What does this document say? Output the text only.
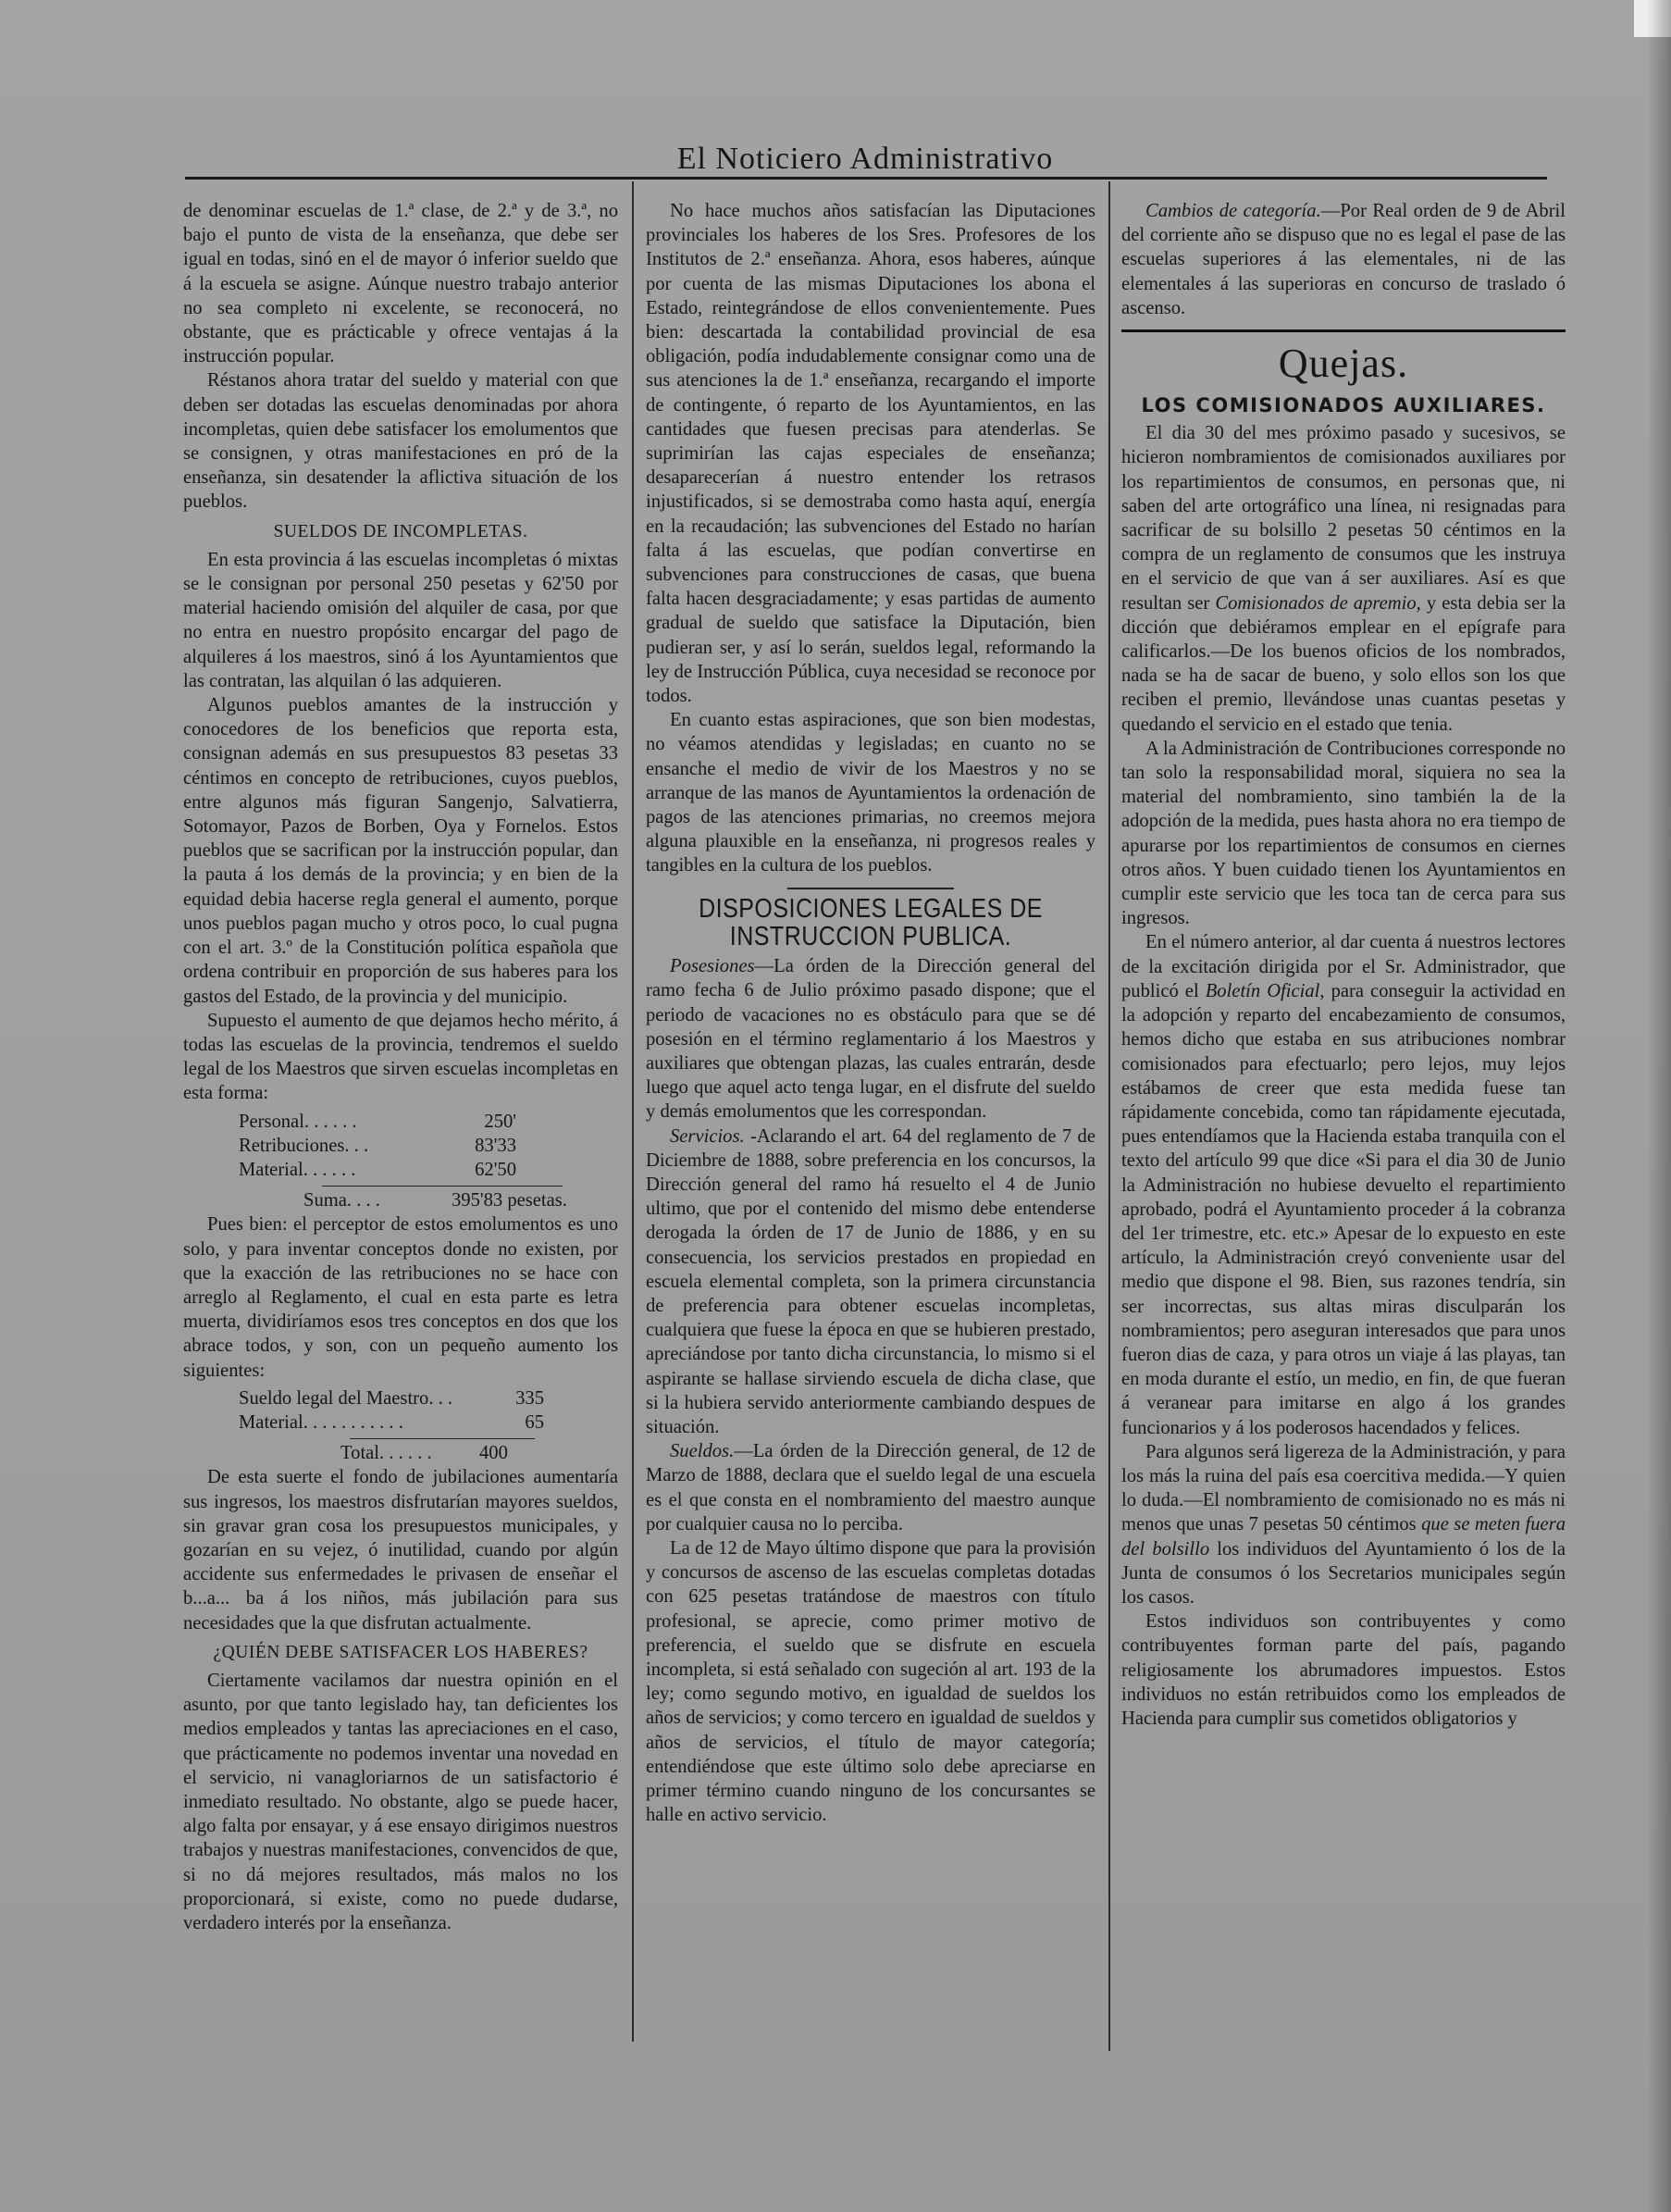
El Noticiero Administrativo

de denominar escuelas de 1.ª clase, de 2.ª y de 3.ª, no bajo el punto de vista de la enseñanza, que debe ser igual en todas, sinó en el de mayor ó inferior sueldo que á la escuela se asigne. Aúnque nuestro trabajo anterior no sea completo ni excelente, se reconocerá, no obstante, que es prácticable y ofrece ventajas á la instrucción popular.

Réstanos ahora tratar del sueldo y material con que deben ser dotadas las escuelas denominadas por ahora incompletas, quien debe satisfacer los emolumentos que se consignen, y otras manifestaciones en pró de la enseñanza, sin desatender la aflictiva situación de los pueblos.

SUELDOS DE INCOMPLETAS.

En esta provincia á las escuelas incompletas ó mixtas se le consignan por personal 250 pesetas y 62'50 por material haciendo omisión del alquiler de casa, por que no entra en nuestro propósito encargar del pago de alquileres á los maestros, sinó á los Ayuntamientos que las contratan, las alquilan ó las adquieren.

Algunos pueblos amantes de la instrucción y conocedores de los beneficios que reporta esta, consignan además en sus presupuestos 83 pesetas 33 céntimos en concepto de retribuciones, cuyos pueblos, entre algunos más figuran Sangenjo, Salvatierra, Sotomayor, Pazos de Borben, Oya y Fornelos. Estos pueblos que se sacrifican por la instrucción popular, dan la pauta á los demás de la provincia; y en bien de la equidad debia hacerse regla general el aumento, porque unos pueblos pagan mucho y otros poco, lo cual pugna con el art. 3.º de la Constitución política española que ordena contribuir en proporción de sus haberes para los gastos del Estado, de la provincia y del municipio.

Supuesto el aumento de que dejamos hecho mérito, á todas las escuelas de la provincia, tendremos el sueldo legal de los Maestros que sirven escuelas incompletas en esta forma:

Personal. . . . . .	250'
Retribuciones. . .	83'33
Material. . . . . .	62'50
Suma. . . .	395'83 pesetas.

Pues bien: el perceptor de estos emolumentos es uno solo, y para inventar conceptos donde no existen, por que la exacción de las retribuciones no se hace con arreglo al Reglamento, el cual en esta parte es letra muerta, dividiríamos esos tres conceptos en dos que los abrace todos, y son, con un pequeño aumento los siguientes:

Sueldo legal del Maestro. . .	335
Material. . . . . . . . . . .	65
Total. . . . . .	400

De esta suerte el fondo de jubilaciones aumentaría sus ingresos, los maestros disfrutarían mayores sueldos, sin gravar gran cosa los presupuestos municipales, y gozarían en su vejez, ó inutilidad, cuando por algún accidente sus enfermedades le privasen de enseñar el b...a... ba á los niños, más jubilación para sus necesidades que la que disfrutan actualmente.

¿QUIÉN DEBE SATISFACER LOS HABERES?

Ciertamente vacilamos dar nuestra opinión en el asunto, por que tanto legislado hay, tan deficientes los medios empleados y tantas las apreciaciones en el caso, que prácticamente no podemos inventar una novedad en el servicio, ni vanagloriarnos de un satisfactorio é inmediato resultado. No obstante, algo se puede hacer, algo falta por ensayar, y á ese ensayo dirigimos nuestros trabajos y nuestras manifestaciones, convencidos de que, si no dá mejores resultados, más malos no los proporcionará, si existe, como no puede dudarse, verdadero interés por la enseñanza.

No hace muchos años satisfacían las Diputaciones provinciales los haberes de los Sres. Profesores de los Institutos de 2.ª enseñanza. Ahora, esos haberes, aúnque por cuenta de las mismas Diputaciones los abona el Estado, reintegrándose de ellos convenientemente. Pues bien: descartada la contabilidad provincial de esa obligación, podía indudablemente consignar como una de sus atenciones la de 1.ª enseñanza, recargando el importe de contingente, ó reparto de los Ayuntamientos, en las cantidades que fuesen precisas para atenderlas. Se suprimirían las cajas especiales de enseñanza; desaparecerían á nuestro entender los retrasos injustificados, si se demostraba como hasta aquí, energía en la recaudación; las subvenciones del Estado no harían falta á las escuelas, que podían convertirse en subvenciones para construcciones de casas, que buena falta hacen desgraciadamente; y esas partidas de aumento gradual de sueldo que satisface la Diputación, bien pudieran ser, y así lo serán, sueldos legal, reformando la ley de Instrucción Pública, cuya necesidad se reconoce por todos.

En cuanto estas aspiraciones, que son bien modestas, no véamos atendidas y legisladas; en cuanto no se ensanche el medio de vivir de los Maestros y no se arranque de las manos de Ayuntamientos la ordenación de pagos de las atenciones primarias, no creemos mejora alguna plauxible en la enseñanza, ni progresos reales y tangibles en la cultura de los pueblos.

DISPOSICIONES LEGALES DE INSTRUCCION PUBLICA.

Posesiones—La órden de la Dirección general del ramo fecha 6 de Julio próximo pasado dispone; que el periodo de vacaciones no es obstáculo para que se dé posesión en el término reglamentario á los Maestros y auxiliares que obtengan plazas, las cuales entrarán, desde luego que aquel acto tenga lugar, en el disfrute del sueldo y demás emolumentos que les correspondan.

Servicios. -Aclarando el art. 64 del reglamento de 7 de Diciembre de 1888, sobre preferencia en los concursos, la Dirección general del ramo há resuelto el 4 de Junio ultimo, que por el contenido del mismo debe entenderse derogada la órden de 17 de Junio de 1886, y en su consecuencia, los servicios prestados en propiedad en escuela elemental completa, son la primera circunstancia de preferencia para obtener escuelas incompletas, cualquiera que fuese la época en que se hubieren prestado, apreciándose por tanto dicha circunstancia, lo mismo si el aspirante se hallase sirviendo escuela de dicha clase, que si la hubiera servido anteriormente cambiando despues de situación.

Sueldos.—La órden de la Dirección general, de 12 de Marzo de 1888, declara que el sueldo legal de una escuela es el que consta en el nombramiento del maestro aunque por cualquier causa no lo perciba.

La de 12 de Mayo último dispone que para la provisión y concursos de ascenso de las escuelas completas dotadas con 625 pesetas tratándose de maestros con título profesional, se aprecie, como primer motivo de preferencia, el sueldo que se disfrute en escuela incompleta, si está señalado con sugeción al art. 193 de la ley; como segundo motivo, en igualdad de sueldos los años de servicios; y como tercero en igualdad de sueldos y años de servicios, el título de mayor categoría; entendiéndose que este último solo debe apreciarse en primer término cuando ninguno de los concursantes se halle en activo servicio.

Cambios de categoría.—Por Real orden de 9 de Abril del corriente año se dispuso que no es legal el pase de las escuelas superiores á las elementales, ni de las elementales á las superioras en concurso de traslado ó ascenso.

Quejas.
LOS COMISIONADOS AUXILIARES.

El dia 30 del mes próximo pasado y sucesivos, se hicieron nombramientos de comisionados auxiliares por los repartimientos de consumos, en personas que, ni saben del arte ortográfico una línea, ni resignadas para sacrificar de su bolsillo 2 pesetas 50 céntimos en la compra de un reglamento de consumos que les instruya en el servicio de que van á ser auxiliares. Así es que resultan ser Comisionados de apremio, y esta debia ser la dicción que debiéramos emplear en el epígrafe para calificarlos.—De los buenos oficios de los nombrados, nada se ha de sacar de bueno, y solo ellos son los que reciben el premio, llevándose unas cuantas pesetas y quedando el servicio en el estado que tenia.

A la Administración de Contribuciones corresponde no tan solo la responsabilidad moral, siquiera no sea la material del nombramiento, sino también la de la adopción de la medida, pues hasta ahora no era tiempo de apurarse por los repartimientos de consumos en ciernes otros años. Y buen cuidado tienen los Ayuntamientos en cumplir este servicio que les toca tan de cerca para sus ingresos.

En el número anterior, al dar cuenta á nuestros lectores de la excitación dirigida por el Sr. Administrador, que publicó el Boletín Oficial, para conseguir la actividad en la adopción y reparto del encabezamiento de consumos, hemos dicho que estaba en sus atribuciones nombrar comisionados para efectuarlo; pero lejos, muy lejos estábamos de creer que esta medida fuese tan rápidamente concebida, como tan rápidamente ejecutada, pues entendíamos que la Hacienda estaba tranquila con el texto del artículo 99 que dice «Si para el dia 30 de Junio la Administración no hubiese devuelto el repartimiento aprobado, podrá el Ayuntamiento proceder á la cobranza del 1er trimestre, etc. etc.» Apesar de lo expuesto en este artículo, la Administración creyó conveniente usar del medio que dispone el 98. Bien, sus razones tendría, sin ser incorrectas, sus altas miras disculparán los nombramientos; pero aseguran interesados que para unos fueron dias de caza, y para otros un viaje á las playas, tan en moda durante el estío, un medio, en fin, de que fueran á veranear para imitarse en algo á los grandes funcionarios y á los poderosos hacendados y felices.

Para algunos será ligereza de la Administración, y para los más la ruina del país esa coercitiva medida.—Y quien lo duda.—El nombramiento de comisionado no es más ni menos que unas 7 pesetas 50 céntimos que se meten fuera del bolsillo los individuos del Ayuntamiento ó los de la Junta de consumos ó los Secretarios municipales según los casos.

Estos individuos son contribuyentes y como contribuyentes forman parte del país, pagando religiosamente los abrumadores impuestos. Estos individuos no están retribuidos como los empleados de Hacienda para cumplir sus cometidos obligatorios y
